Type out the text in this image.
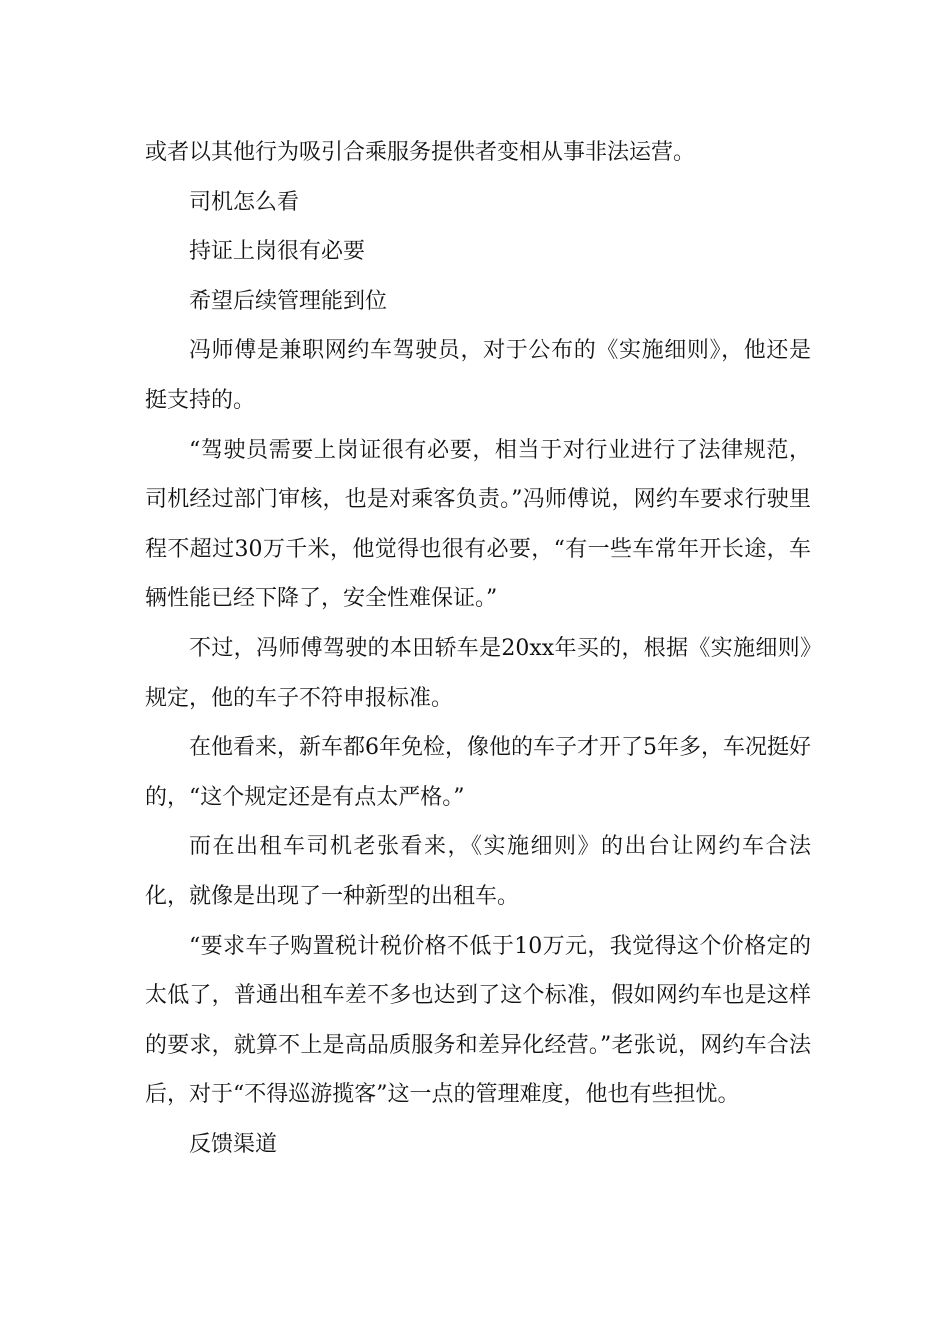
或者以其他行为吸引合乘服务提供者变相从事非法运营。

司机怎么看

持证上岗很有必要

希望后续管理能到位

冯师傅是兼职网约车驾驶员，对于公布的《实施细则》，他还是挺支持的。

“驾驶员需要上岗证很有必要，相当于对行业进行了法律规范，司机经过部门审核，也是对乘客负责。”冯师傅说，网约车要求行驶里程不超过30万千米，他觉得也很有必要，“有一些车常年开长途，车辆性能已经下降了，安全性难保证。”

不过，冯师傅驾驶的本田轿车是20xx年买的，根据《实施细则》规定，他的车子不符申报标准。

在他看来，新车都6年免检，像他的车子才开了5年多，车况挺好的，“这个规定还是有点太严格。”

而在出租车司机老张看来，《实施细则》的出台让网约车合法化，就像是出现了一种新型的出租车。

“要求车子购置税计税价格不低于10万元，我觉得这个价格定的太低了，普通出租车差不多也达到了这个标准，假如网约车也是这样的要求，就算不上是高品质服务和差异化经营。”老张说，网约车合法后，对于“不得巡游揽客”这一点的管理难度，他也有些担忧。

反馈渠道
